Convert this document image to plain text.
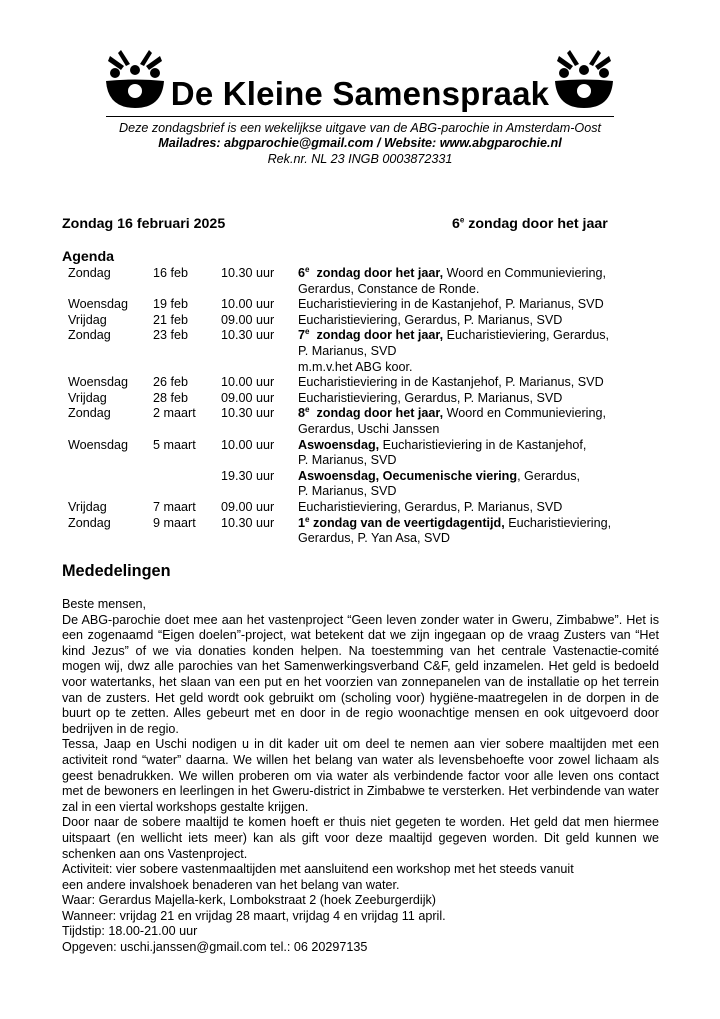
De Kleine Samenspraak
Deze zondagsbrief is een wekelijkse uitgave van de ABG-parochie in Amsterdam-Oost
Mailadres: abgparochie@gmail.com / Website: www.abgparochie.nl
Rek.nr. NL 23 INGB 0003872331
Zondag 16 februari 2025	6e zondag door het jaar
Agenda
Zondag	16 feb	10.30 uur 6e  zondag door het jaar, Woord en Communieviering,
Gerardus, Constance de Ronde.
Woensdag 19 feb	10.00 uur Eucharistieviering in de Kastanjehof, P. Marianus, SVD
Vrijdag	21 feb	09.00 uur Eucharistieviering, Gerardus, P. Marianus, SVD
Zondag	23 feb	10.30 uur 7e  zondag door het jaar, Eucharistieviering, Gerardus,
P. Marianus, SVD
m.m.v.het ABG koor.
Woensdag 26 feb	10.00 uur Eucharistieviering in de Kastanjehof, P. Marianus, SVD
Vrijdag	28 feb	09.00 uur Eucharistieviering, Gerardus, P. Marianus, SVD
Zondag	2 maart 10.30 uur 8e  zondag door het jaar, Woord en Communieviering,
Gerardus, Uschi Janssen
Woensdag 5 maart 10.00 uur Aswoensdag, Eucharistieviering in de Kastanjehof,
P. Marianus, SVD
19.30 uur Aswoensdag, Oecumenische viering, Gerardus,
P. Marianus, SVD
Vrijdag	7 maart 09.00 uur Eucharistieviering, Gerardus, P. Marianus, SVD
Zondag	9 maart 10.30 uur 1e zondag van de veertigdagentijd, Eucharistieviering,
Gerardus, P. Yan Asa, SVD
Mededelingen

Beste mensen,

De ABG-parochie doet mee aan het vastenproject “Geen leven zonder water in Gweru, Zimbabwe”. Het is een zogenaamd “Eigen doelen”-project, wat betekent dat we zijn ingegaan op de vraag Zusters van “Het kind Jezus” of we via donaties konden helpen. Na toestemming van het centrale Vastenactie-comité mogen wij, dwz alle parochies van het Samenwerkingsverband C&F, geld inzamelen. Het geld is bedoeld voor watertanks, het slaan van een put en het voorzien van zonnepanelen van de installatie op het terrein van de zusters. Het geld wordt ook gebruikt om (scholing voor) hygiëne-maatregelen in de dorpen in de buurt op te zetten. Alles gebeurt met en door in de regio woonachtige mensen en ook uitgevoerd door bedrijven in de regio.

Tessa, Jaap en Uschi nodigen u in dit kader uit om deel te nemen aan vier sobere maaltijden met een activiteit rond “water” daarna. We willen het belang van water als levensbehoefte voor zowel lichaam als geest benadrukken. We willen proberen om via water als verbindende factor voor alle leven ons contact met de bewoners en leerlingen in het Gweru-district in Zimbabwe te versterken. Het verbindende van water zal in een viertal workshops gestalte krijgen.

Door naar de sobere maaltijd te komen hoeft er thuis niet gegeten te worden. Het geld dat men hiermee uitspaart (en wellicht iets meer) kan als gift voor deze maaltijd gegeven worden. Dit geld kunnen we schenken aan ons Vastenproject.

Activiteit: vier sobere vastenmaaltijden met aansluitend een workshop met het steeds vanuit

een andere invalshoek benaderen van het belang van water.

Waar: Gerardus Majella-kerk, Lombokstraat 2 (hoek Zeeburgerdijk)

Wanneer: vrijdag 21 en vrijdag 28 maart, vrijdag 4 en vrijdag 11 april.

Tijdstip: 18.00-21.00 uur

Opgeven: uschi.janssen@gmail.com tel.: 06 20297135
